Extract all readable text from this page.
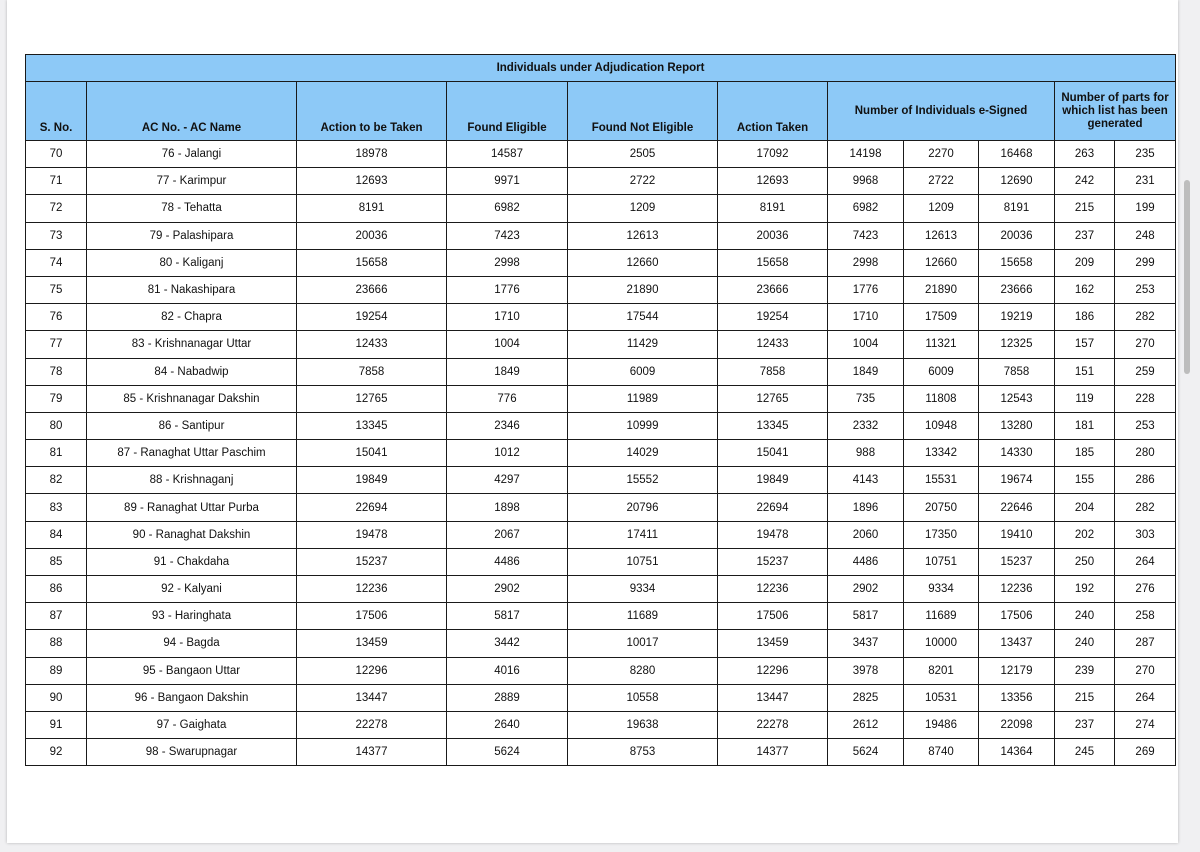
Individuals under Adjudication Report										
S. No.	AC No. - AC Name	Action to be Taken	Found Eligible	Found Not Eligible	Action Taken	Number of Individuals e-Signed			Number of parts for which list has been generated	
70	76 - Jalangi	18978	14587	2505	17092	14198	2270	16468	263	235
71	77 - Karimpur	12693	9971	2722	12693	9968	2722	12690	242	231
72	78 - Tehatta	8191	6982	1209	8191	6982	1209	8191	215	199
73	79 - Palashipara	20036	7423	12613	20036	7423	12613	20036	237	248
74	80 - Kaliganj	15658	2998	12660	15658	2998	12660	15658	209	299
75	81 - Nakashipara	23666	1776	21890	23666	1776	21890	23666	162	253
76	82 - Chapra	19254	1710	17544	19254	1710	17509	19219	186	282
77	83 - Krishnanagar Uttar	12433	1004	11429	12433	1004	11321	12325	157	270
78	84 - Nabadwip	7858	1849	6009	7858	1849	6009	7858	151	259
79	85 - Krishnanagar Dakshin	12765	776	11989	12765	735	11808	12543	119	228
80	86 - Santipur	13345	2346	10999	13345	2332	10948	13280	181	253
81	87 - Ranaghat Uttar Paschim	15041	1012	14029	15041	988	13342	14330	185	280
82	88 - Krishnaganj	19849	4297	15552	19849	4143	15531	19674	155	286
83	89 - Ranaghat Uttar Purba	22694	1898	20796	22694	1896	20750	22646	204	282
84	90 - Ranaghat Dakshin	19478	2067	17411	19478	2060	17350	19410	202	303
85	91 - Chakdaha	15237	4486	10751	15237	4486	10751	15237	250	264
86	92 - Kalyani	12236	2902	9334	12236	2902	9334	12236	192	276
87	93 - Haringhata	17506	5817	11689	17506	5817	11689	17506	240	258
88	94 - Bagda	13459	3442	10017	13459	3437	10000	13437	240	287
89	95 - Bangaon Uttar	12296	4016	8280	12296	3978	8201	12179	239	270
90	96 - Bangaon Dakshin	13447	2889	10558	13447	2825	10531	13356	215	264
91	97 - Gaighata	22278	2640	19638	22278	2612	19486	22098	237	274
92	98 - Swarupnagar	14377	5624	8753	14377	5624	8740	14364	245	269
